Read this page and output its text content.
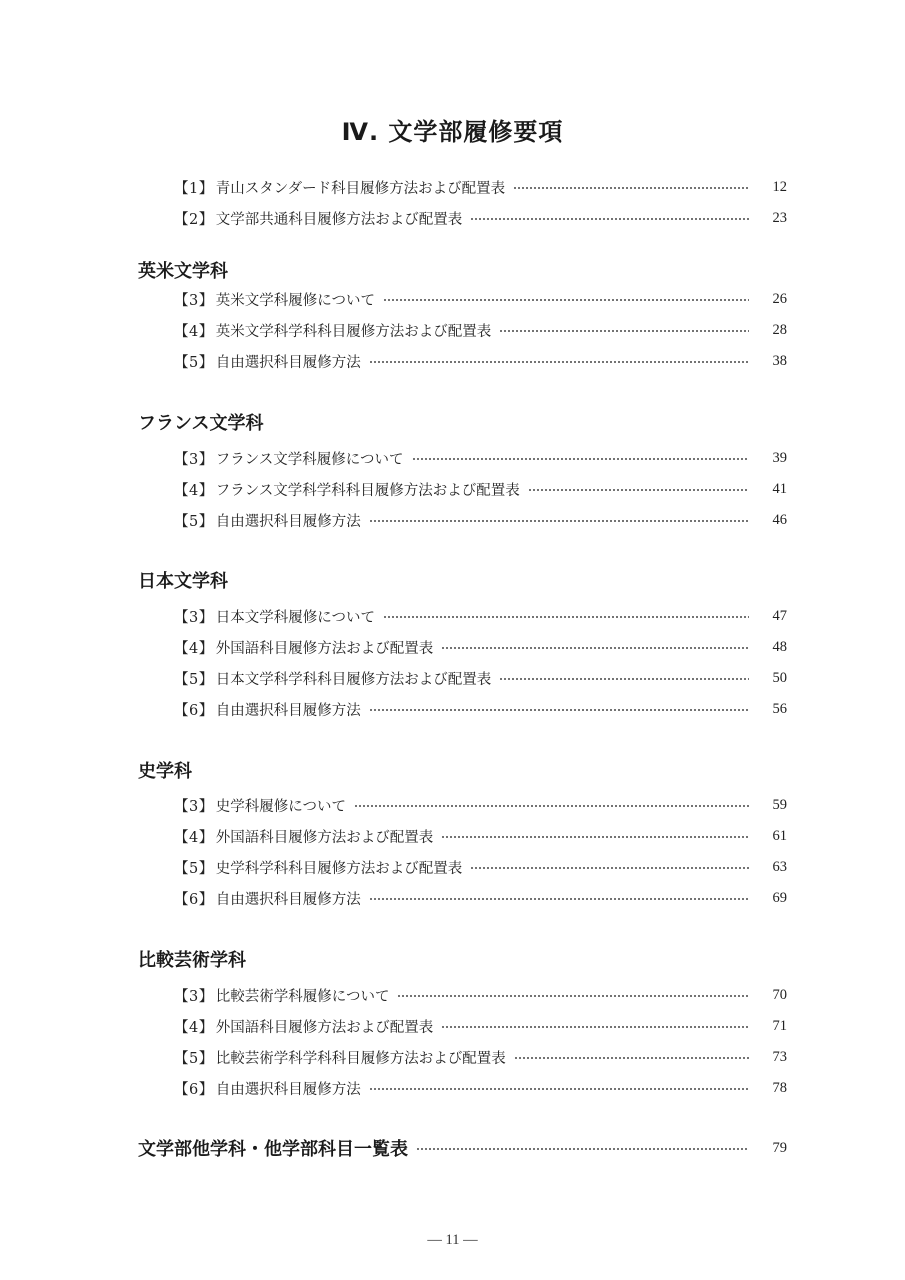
Ⅳ. 文学部履修要項
【1】 青山スタンダード科目履修方法および配置表	12
【2】 文学部共通科目履修方法および配置表	23
英米文学科
【3】 英米文学科履修について	26
【4】 英米文学科学科科目履修方法および配置表	28
【5】 自由選択科目履修方法	38
フランス文学科
【3】 フランス文学科履修について	39
【4】 フランス文学科学科科目履修方法および配置表	41
【5】 自由選択科目履修方法	46
日本文学科
【3】 日本文学科履修について	47
【4】 外国語科目履修方法および配置表	48
【5】 日本文学科学科科目履修方法および配置表	50
【6】 自由選択科目履修方法	56
史学科
【3】 史学科履修について	59
【4】 外国語科目履修方法および配置表	61
【5】 史学科学科科目履修方法および配置表	63
【6】 自由選択科目履修方法	69
比較芸術学科
【3】 比較芸術学科履修について	70
【4】 外国語科目履修方法および配置表	71
【5】 比較芸術学科学科科目履修方法および配置表	73
【6】 自由選択科目履修方法	78
文学部他学科・他学部科目一覧表	79
― 11 ―
